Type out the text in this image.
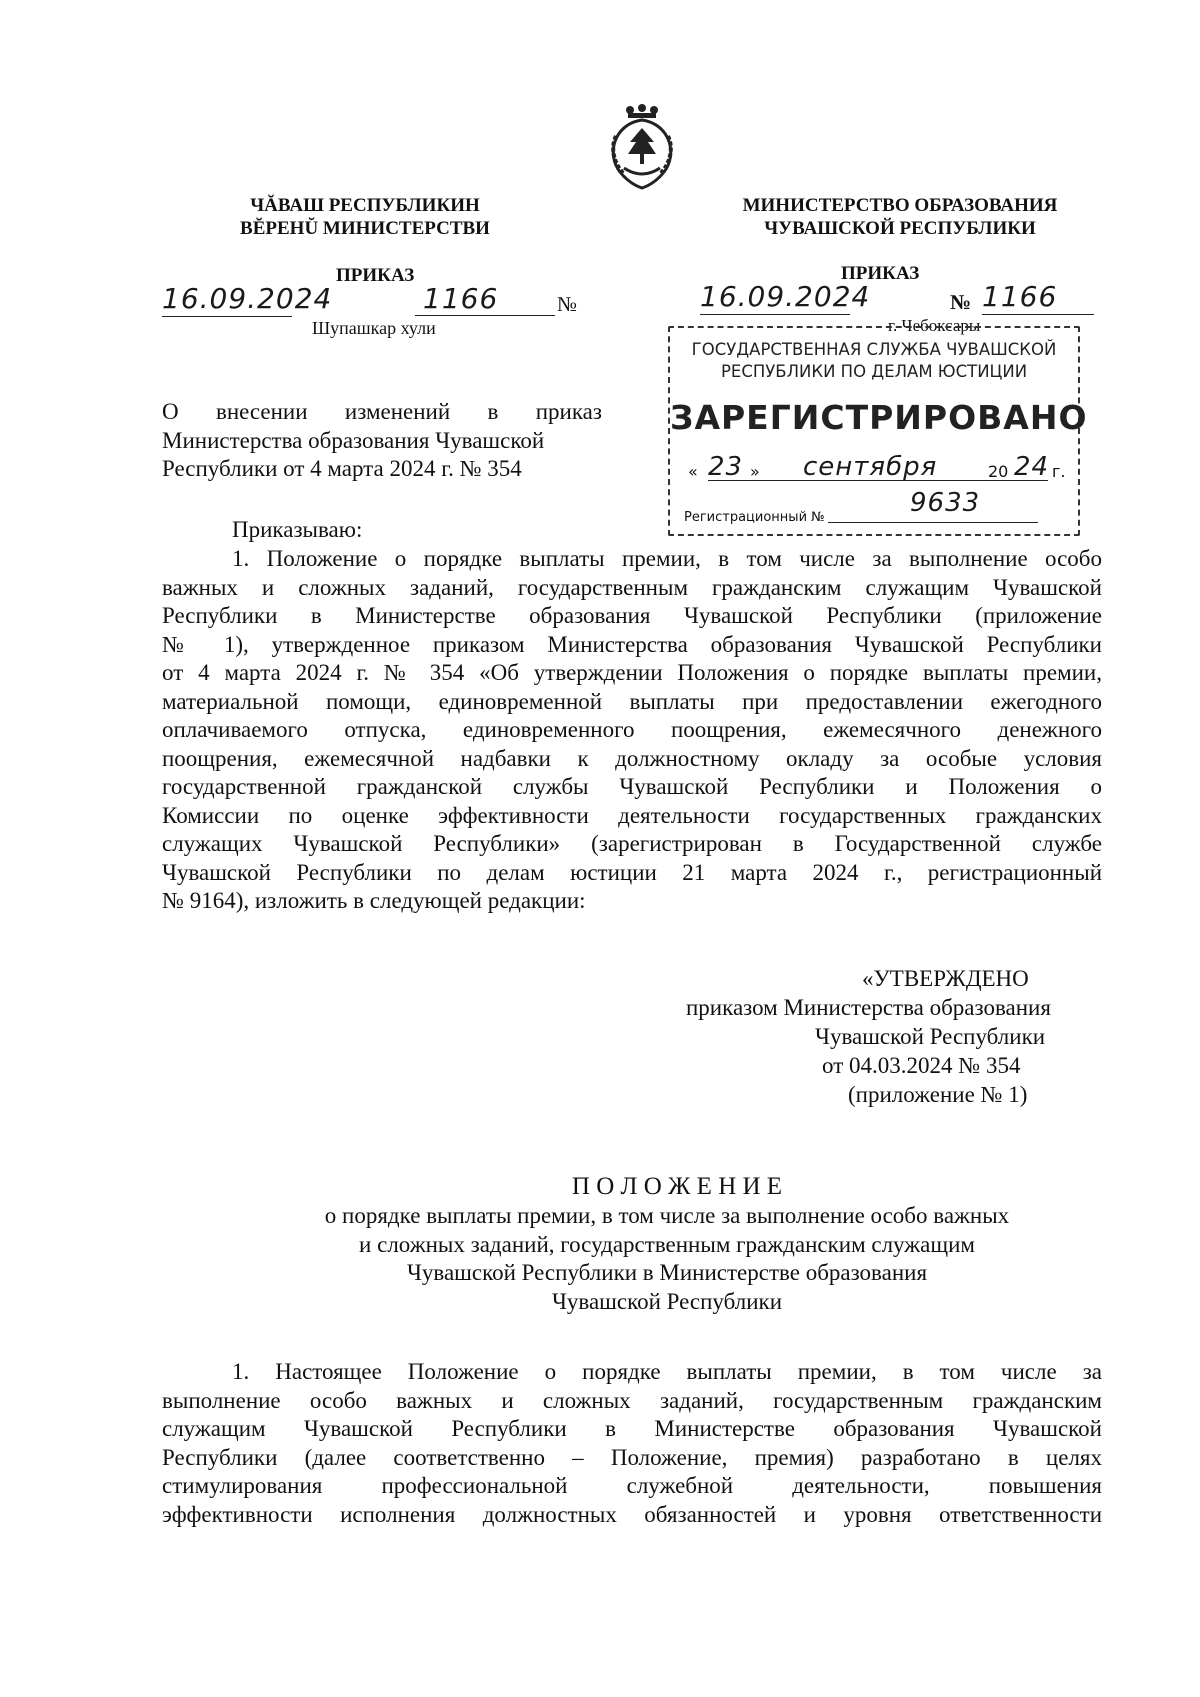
ЧĂВАШ РЕСПУБЛИКИН
ВĔРЕНŬ МИНИСТЕРСТВИ
ПРИКАЗ
16.09.2024	1166	№
Шупашкар хули
МИНИСТЕРСТВО ОБРАЗОВАНИЯ
ЧУВАШСКОЙ РЕСПУБЛИКИ
ПРИКАЗ
16.09.2024	№ 1166
г. Чебоксары
ГОСУДАРСТВЕННАЯ СЛУЖБА ЧУВАШСКОЙ
РЕСПУБЛИКИ ПО ДЕЛАМ ЮСТИЦИИ
ЗАРЕГИСТРИРОВАНО
« 23 » сентября	20 24 г.
Регистрационный №	9633
О внесении изменений в приказ
Министерства образования Чувашской
Республики от 4 марта 2024 г. № 354
Приказываю:
1. Положение о порядке выплаты премии, в том числе за выполнение особо
важных и сложных заданий, государственным гражданским служащим Чувашской
Республики в Министерстве образования Чувашской Республики (приложение
№ 1), утвержденное приказом Министерства образования Чувашской Республики
от 4 марта 2024 г. № 354 «Об утверждении Положения о порядке выплаты премии,
материальной помощи, единовременной выплаты при предоставлении ежегодного
оплачиваемого отпуска, единовременного поощрения, ежемесячного денежного
поощрения, ежемесячной надбавки к должностному окладу за особые условия
государственной гражданской службы Чувашской Республики и Положения о
Комиссии по оценке эффективности деятельности государственных гражданских
служащих Чувашской Республики» (зарегистрирован в Государственной службе
Чувашской Республики по делам юстиции 21 марта 2024 г., регистрационный
№ 9164), изложить в следующей редакции:
«УТВЕРЖДЕНО
приказом Министерства образования
Чувашской Республики
от 04.03.2024 № 354
(приложение № 1)
П О Л О Ж Е Н И Е
о порядке выплаты премии, в том числе за выполнение особо важных
и сложных заданий, государственным гражданским служащим
Чувашской Республики в Министерстве образования
Чувашской Республики
1. Настоящее Положение о порядке выплаты премии, в том числе за
выполнение особо важных и сложных заданий, государственным гражданским
служащим Чувашской Республики в Министерстве образования Чувашской
Республики (далее соответственно – Положение, премия) разработано в целях
стимулирования профессиональной служебной деятельности, повышения
эффективности исполнения должностных обязанностей и уровня ответственности
